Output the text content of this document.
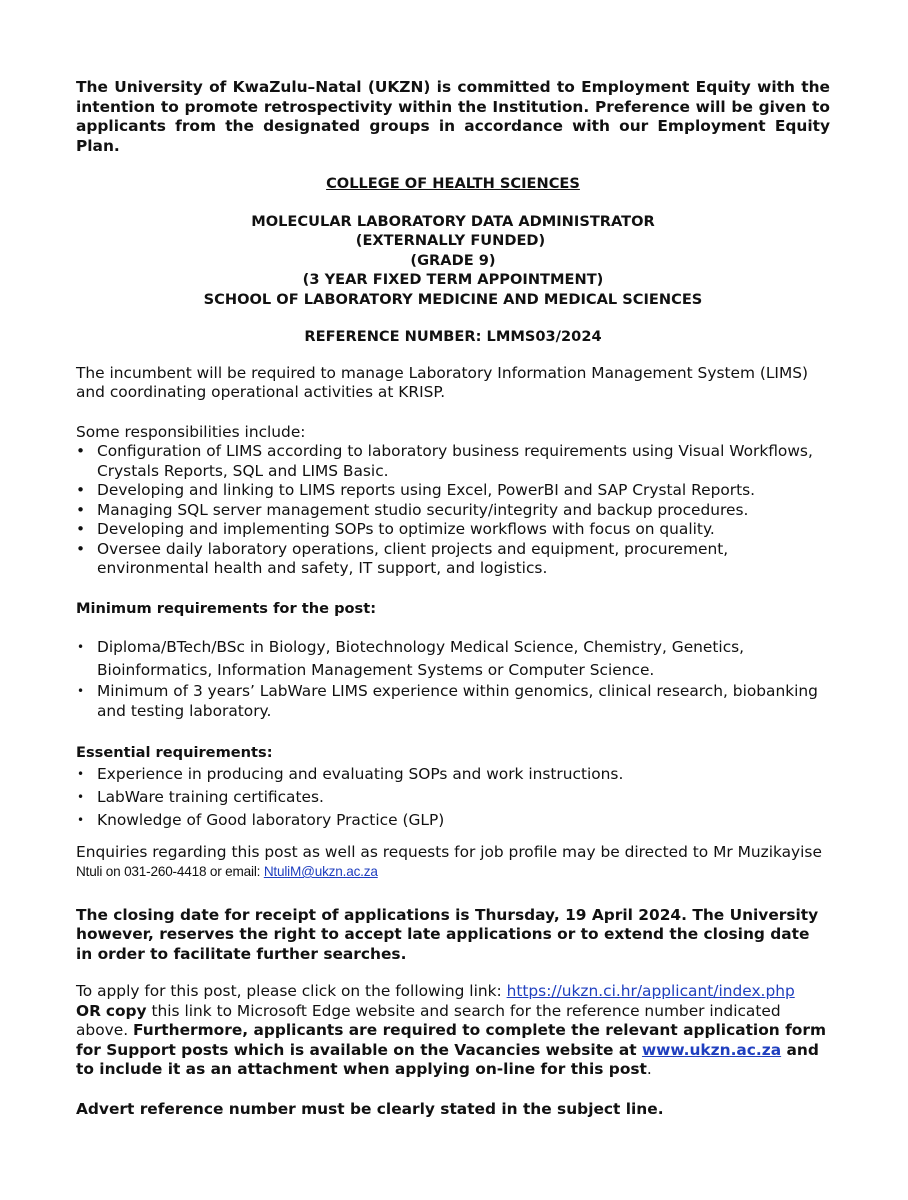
The University of KwaZulu–Natal (UKZN) is committed to Employment Equity with the intention to promote retrospectivity within the Institution. Preference will be given to applicants from the designated groups in accordance with our Employment Equity Plan.

COLLEGE OF HEALTH SCIENCES

MOLECULAR LABORATORY DATA ADMINISTRATOR

(EXTERNALLY FUNDED)

(GRADE 9)

(3 YEAR FIXED TERM APPOINTMENT)

SCHOOL OF LABORATORY MEDICINE AND MEDICAL SCIENCES

REFERENCE NUMBER: LMMS03/2024

The incumbent will be required to manage Laboratory Information Management System (LIMS) and coordinating operational activities at KRISP.

Some responsibilities include:

• Configuration of LIMS according to laboratory business requirements using Visual Workflows, Crystals Reports, SQL and LIMS Basic.
• Developing and linking to LIMS reports using Excel, PowerBI and SAP Crystal Reports.
• Managing SQL server management studio security/integrity and backup procedures.
• Developing and implementing SOPs to optimize workflows with focus on quality.
• Oversee daily laboratory operations, client projects and equipment, procurement, environmental health and safety, IT support, and logistics.

Minimum requirements for the post:

• Diploma/BTech/BSc in Biology, Biotechnology Medical Science, Chemistry, Genetics, Bioinformatics, Information Management Systems or Computer Science.
• Minimum of 3 years’ LabWare LIMS experience within genomics, clinical research, biobanking and testing laboratory.

Essential requirements:

• Experience in producing and evaluating SOPs and work instructions.
• LabWare training certificates.
• Knowledge of Good laboratory Practice (GLP)

Enquiries regarding this post as well as requests for job profile may be directed to Mr Muzikayise

Ntuli on 031-260-4418 or email: NtuliM@ukzn.ac.za

The closing date for receipt of applications is Thursday, 19 April 2024. The University however, reserves the right to accept late applications or to extend the closing date in order to facilitate further searches.

To apply for this post, please click on the following link: https://ukzn.ci.hr/applicant/index.php   OR copy this link to Microsoft Edge website and search for the reference number indicated above. Furthermore, applicants are required to complete the relevant application form for Support posts which is available on the Vacancies website at www.ukzn.ac.za and to include it as an attachment when applying on-line for this post.

Advert reference number must be clearly stated in the subject line.
